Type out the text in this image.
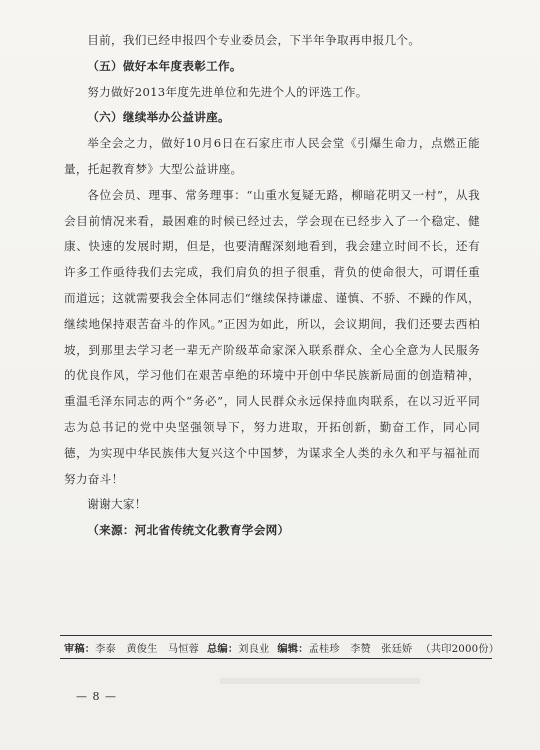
目前，我们已经申报四个专业委员会，下半年争取再申报几个。

（五）做好本年度表彰工作。

努力做好2013年度先进单位和先进个人的评选工作。

（六）继续举办公益讲座。

举全会之力，做好10月6日在石家庄市人民会堂《引爆生命力，点燃正能量，托起教育梦》大型公益讲座。

各位会员、理事、常务理事：“山重水复疑无路，柳暗花明又一村”，从我会目前情况来看，最困难的时候已经过去，学会现在已经步入了一个稳定、健康、快速的发展时期，但是，也要清醒深刻地看到，我会建立时间不长，还有许多工作亟待我们去完成，我们肩负的担子很重，背负的使命很大，可谓任重而道远；这就需要我会全体同志们“继续保持谦虚、谨慎、不骄、不躁的作风，继续地保持艰苦奋斗的作风。”正因为如此，所以，会议期间，我们还要去西柏坡，到那里去学习老一辈无产阶级革命家深入联系群众、全心全意为人民服务的优良作风，学习他们在艰苦卓绝的环境中开创中华民族新局面的创造精神，重温毛泽东同志的两个“务必”，同人民群众永远保持血肉联系，在以习近平同志为总书记的党中央坚强领导下，努力进取，开拓创新，勤奋工作，同心同德，为实现中华民族伟大复兴这个中国梦，为谋求全人类的永久和平与福祉而努力奋斗！

谢谢大家！

（来源：河北省传统文化教育学会网）

审稿：李泰　黄俊生　马恒蓉 总编：刘良业 编辑：孟桂珍　李赞　张廷娇 （共印2000份）
— 8 —
